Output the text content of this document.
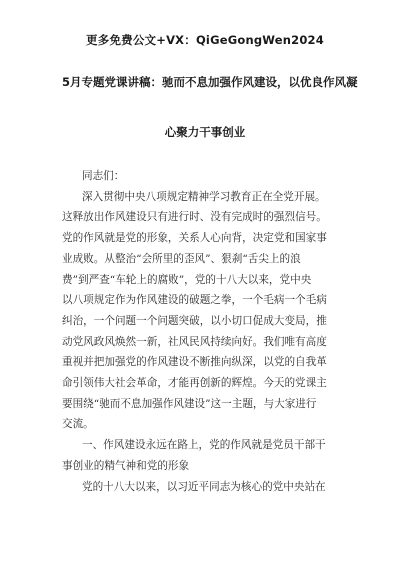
更多免费公文+VX：QiGeGongWen2024
5月专题党课讲稿：驰而不息加强作风建设，以优良作风凝
心聚力干事创业
同志们：
深入贯彻中央八项规定精神学习教育正在全党开展。
这释放出作风建设只有进行时、没有完成时的强烈信号。
党的作风就是党的形象，关系人心向背，决定党和国家事
业成败。从整治“会所里的歪风”、狠刹“舌尖上的浪
费”到严查“车轮上的腐败”，党的十八大以来，党中央
以八项规定作为作风建设的破题之拳，一个毛病一个毛病
纠治，一个问题一个问题突破，以小切口促成大变局，推
动党风政风焕然一新，社风民风持续向好。我们唯有高度
重视并把加强党的作风建设不断推向纵深，以党的自我革
命引领伟大社会革命，才能再创新的辉煌。今天的党课主
要围绕“驰而不息加强作风建设”这一主题，与大家进行
交流。
一、作风建设永远在路上，党的作风就是党员干部干
事创业的精气神和党的形象
党的十八大以来，以习近平同志为核心的党中央站在
